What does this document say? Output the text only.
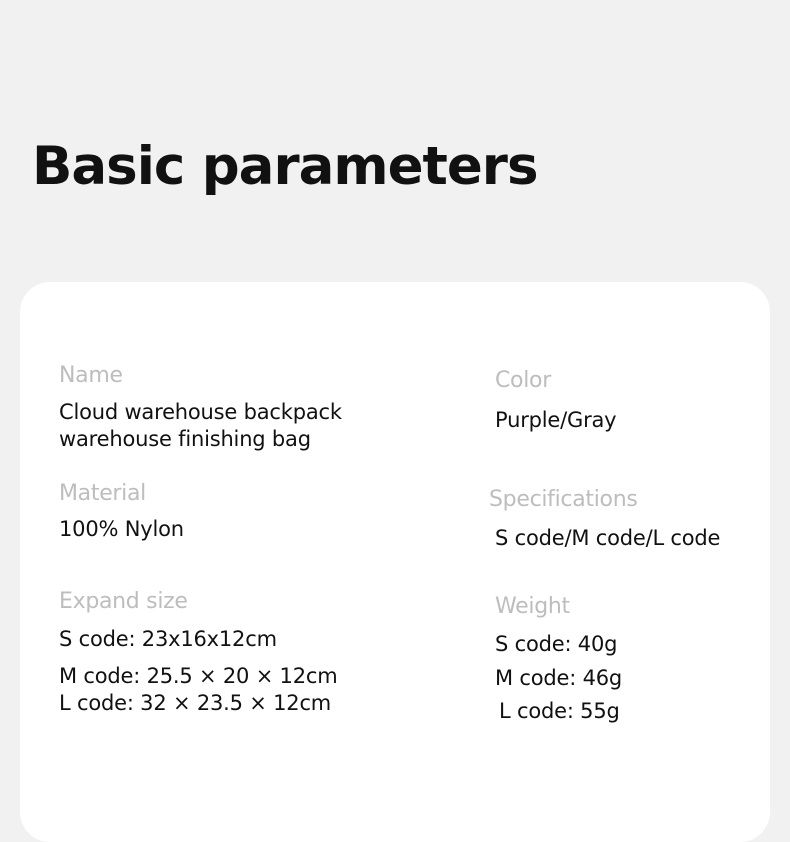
Basic parameters
Name
Cloud warehouse backpack
warehouse finishing bag
Material
100% Nylon
Expand size
S code: 23x16x12cm
M code: 25.5 × 20 × 12cm
L code: 32 × 23.5 × 12cm
Color
Purple/Gray
Specifications
S code/M code/L code
Weight
S code: 40g
M code: 46g
L code: 55g
